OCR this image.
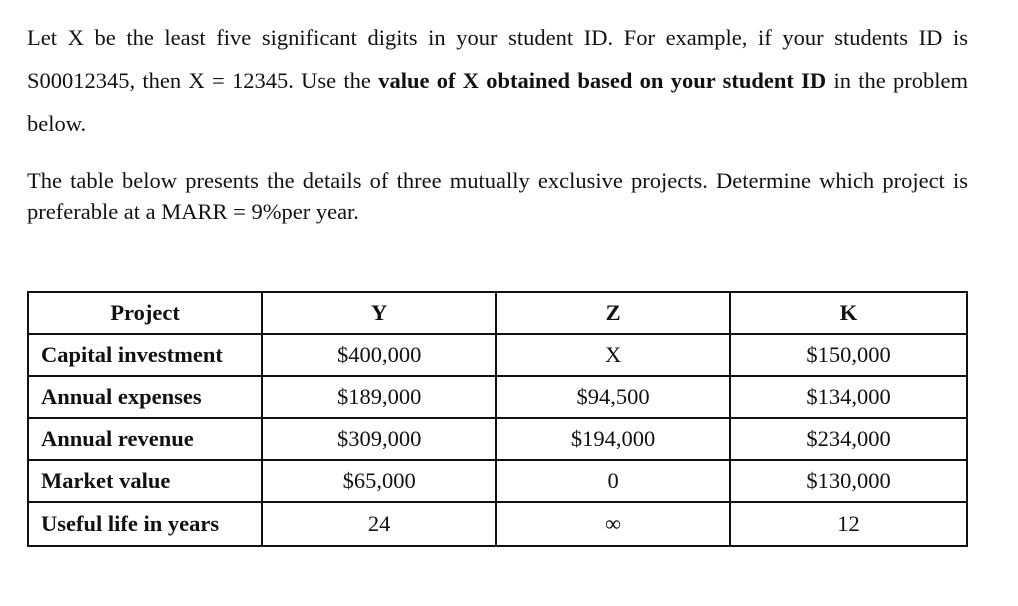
Let X be the least five significant digits in your student ID. For example, if your students ID is S00012345, then X = 12345. Use the value of X obtained based on your student ID in the problem below.

The table below presents the details of three mutually exclusive projects. Determine which project is preferable at a MARR = 9%per year.

Project	Y	Z	K
Capital investment	$400,000	X	$150,000
Annual expenses	$189,000	$94,500	$134,000
Annual revenue	$309,000	$194,000	$234,000
Market value	$65,000	0	$130,000
Useful life in years	24	∞	12
